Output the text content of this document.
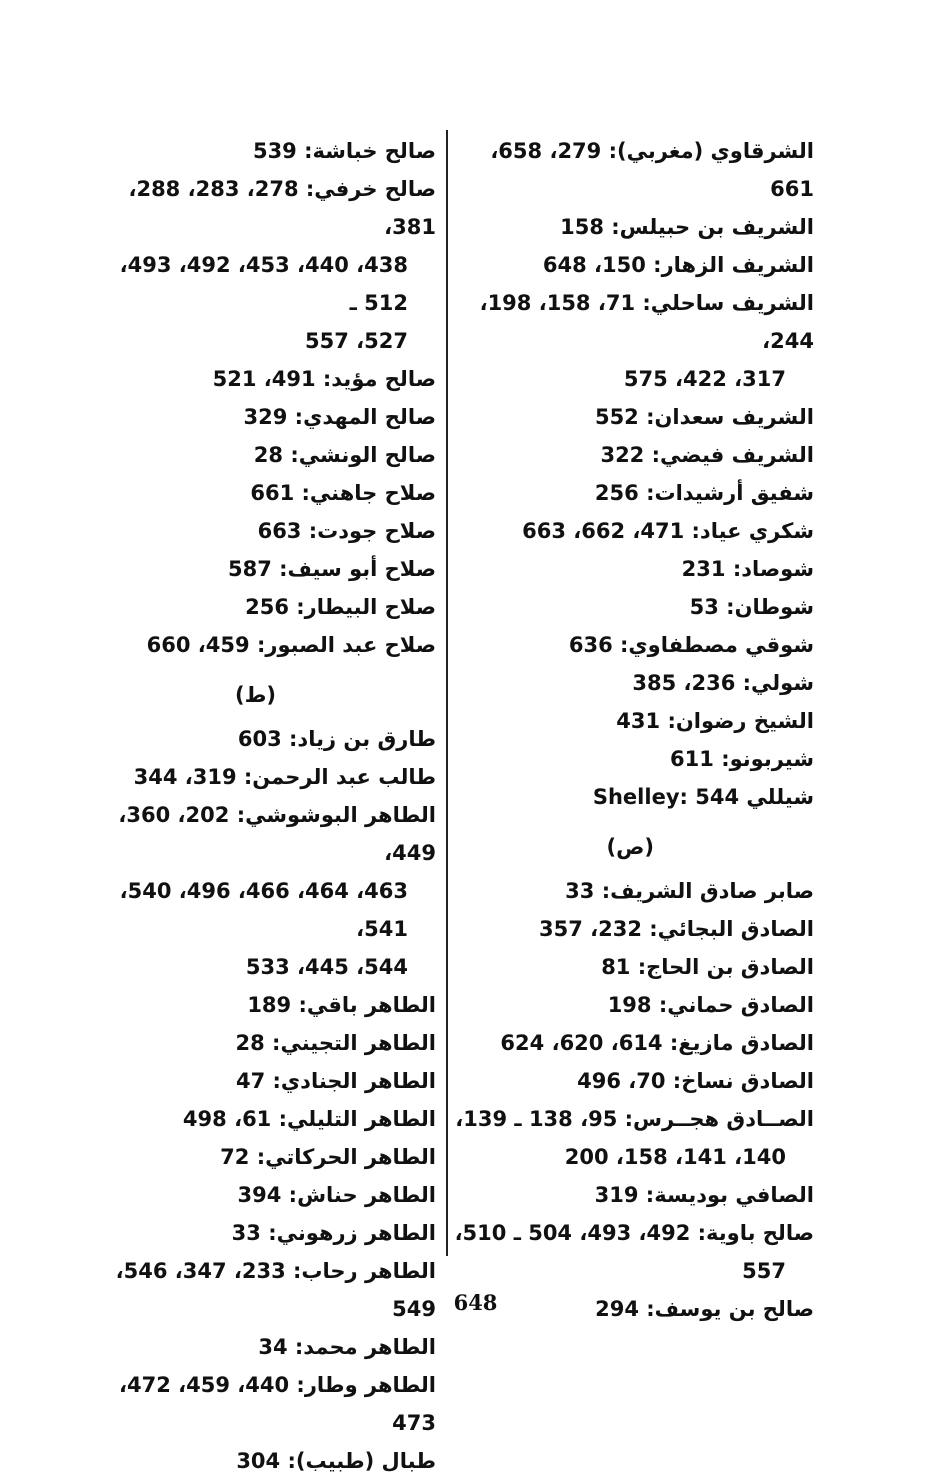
الشرقاوي (مغربي): 279، 658، 661
الشريف بن حبيلس: 158
الشريف الزهار: 150، 648
الشريف ساحلي: 71، 158، 198، 244،
317، 422، 575
الشريف سعدان: 552
الشريف فيضي: 322
شفيق أرشيدات: 256
شكري عياد: 471، 662، 663
شوصاد: 231
شوطان: 53
شوقي مصطفاوي: 636
شولي: 236، 385
الشيخ رضوان: 431
شيربونو: 611
شيللي Shelley: 544
(ص)
صابر صادق الشريف: 33
الصادق البجائي: 232، 357
الصادق بن الحاج: 81
الصادق حماني: 198
الصادق مازيغ: 614، 620، 624
الصادق نساخ: 70، 496
الصــادق هجــرس: 95، 138 ـ 139،
140، 141، 158، 200
الصافي بوديسة: 319
صالح باوية: 492، 493، 504 ـ 510،
557
صالح بن يوسف: 294
صالح خباشة: 539
صالح خرفي: 278، 283، 288، 381،
438، 440، 453، 492، 493، 512 ـ
527، 557
صالح مؤيد: 491، 521
صالح المهدي: 329
صالح الونشي: 28
صلاح جاهني: 661
صلاح جودت: 663
صلاح أبو سيف: 587
صلاح البيطار: 256
صلاح عبد الصبور: 459، 660
(ط)
طارق بن زياد: 603
طالب عبد الرحمن: 319، 344
الطاهر البوشوشي: 202، 360، 449،
463، 464، 466، 496، 540، 541،
544، 445، 533
الطاهر باقي: 189
الطاهر التجيني: 28
الطاهر الجنادي: 47
الطاهر التليلي: 61، 498
الطاهر الحركاتي: 72
الطاهر حناش: 394
الطاهر زرهوني: 33
الطاهر رحاب: 233، 347، 546، 549
الطاهر محمد: 34
الطاهر وطار: 440، 459، 472، 473
طبال (طبيب): 304
648
